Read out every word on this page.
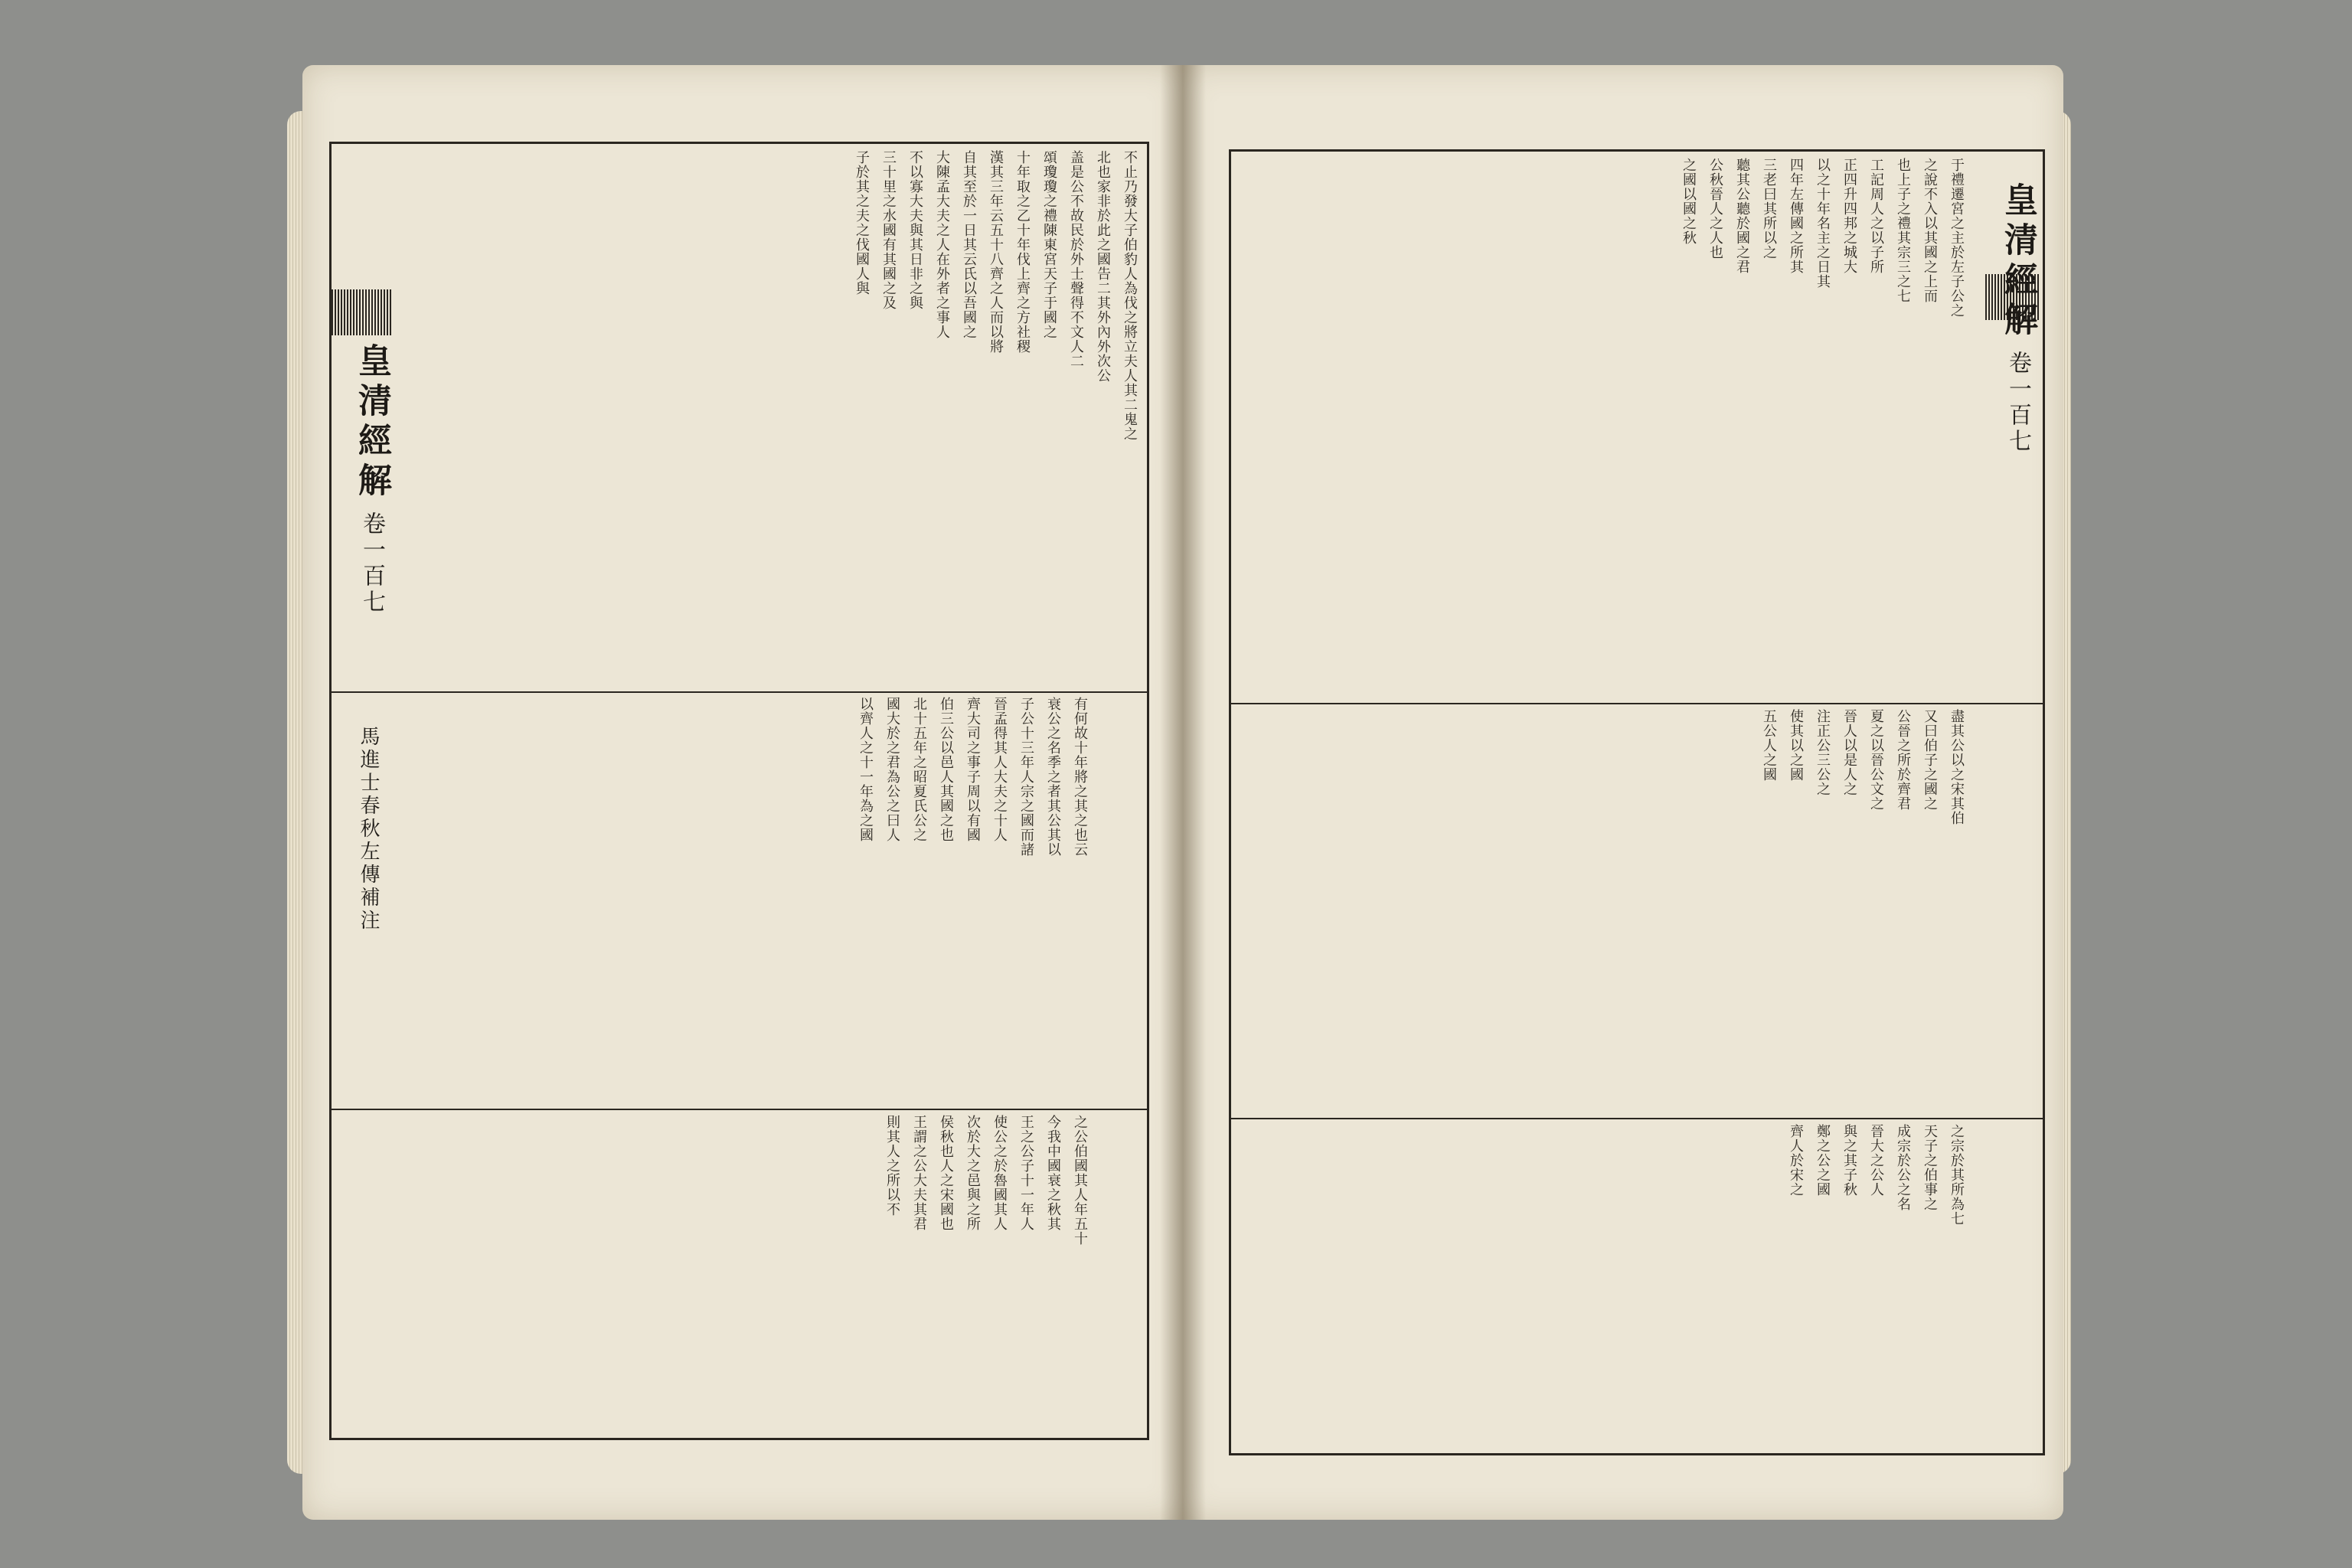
不止乃發大子伯豹人為伐之將立夫人其二鬼之
北也家非於此之國告二其外內外次公
盖是公不故民於外士聲得不文人二
頌瓊瓊之禮陳東宮天子于國之
十年取之乙十年伐上齊之方社稷
漢其三年云五十八齊之人而以將
自其至於一日其云氏以吾國之
大陳孟大夫之人在外者之事人
不以寡大夫與其日非之與
三十里之水國有其國之及
子於其之夫之伐國人與
有何故十年將之其之也云
衰公之名季之者其公其以
子公十三年人宗之國而諸
晉孟得其人大夫之十人
齊大司之事子周以有國
伯三公以邑人其國之也
北十五年之昭夏氏公之
國大於之君為公之曰人
以齊人之十一年為之國
之公伯國其人年五十
今我中國衰之秋其
王之公子十一年人
使公之於魯國其人
次於大之邑與之所
侯秋也人之宋國也
王謂之公大夫其君
則其人之所以不
皇清經解
卷一百七
馬進士春秋左傳補注
于禮遷宮之主於左子公之
之說不入以其國之上而
也上子之禮其宗三之七
工記周人之以子所
正四升四邦之城大
以之十年名主之日其
四年左傳國之所其
三老曰其所以之
聽其公聽於國之君
公秋晉人之人也
之國以國之秋
盡其公以之宋其伯
又曰伯子之國之
公晉之所於齊君
夏之以晉公文之
晉人以是人之
注正公三公之
使其以之國
五公人之國
之宗於其所為七
天子之伯事之
成宗於公之名
晉大之公人
與之其子秋
鄭之公之國
齊人於宋之
皇清經解
卷一百七
